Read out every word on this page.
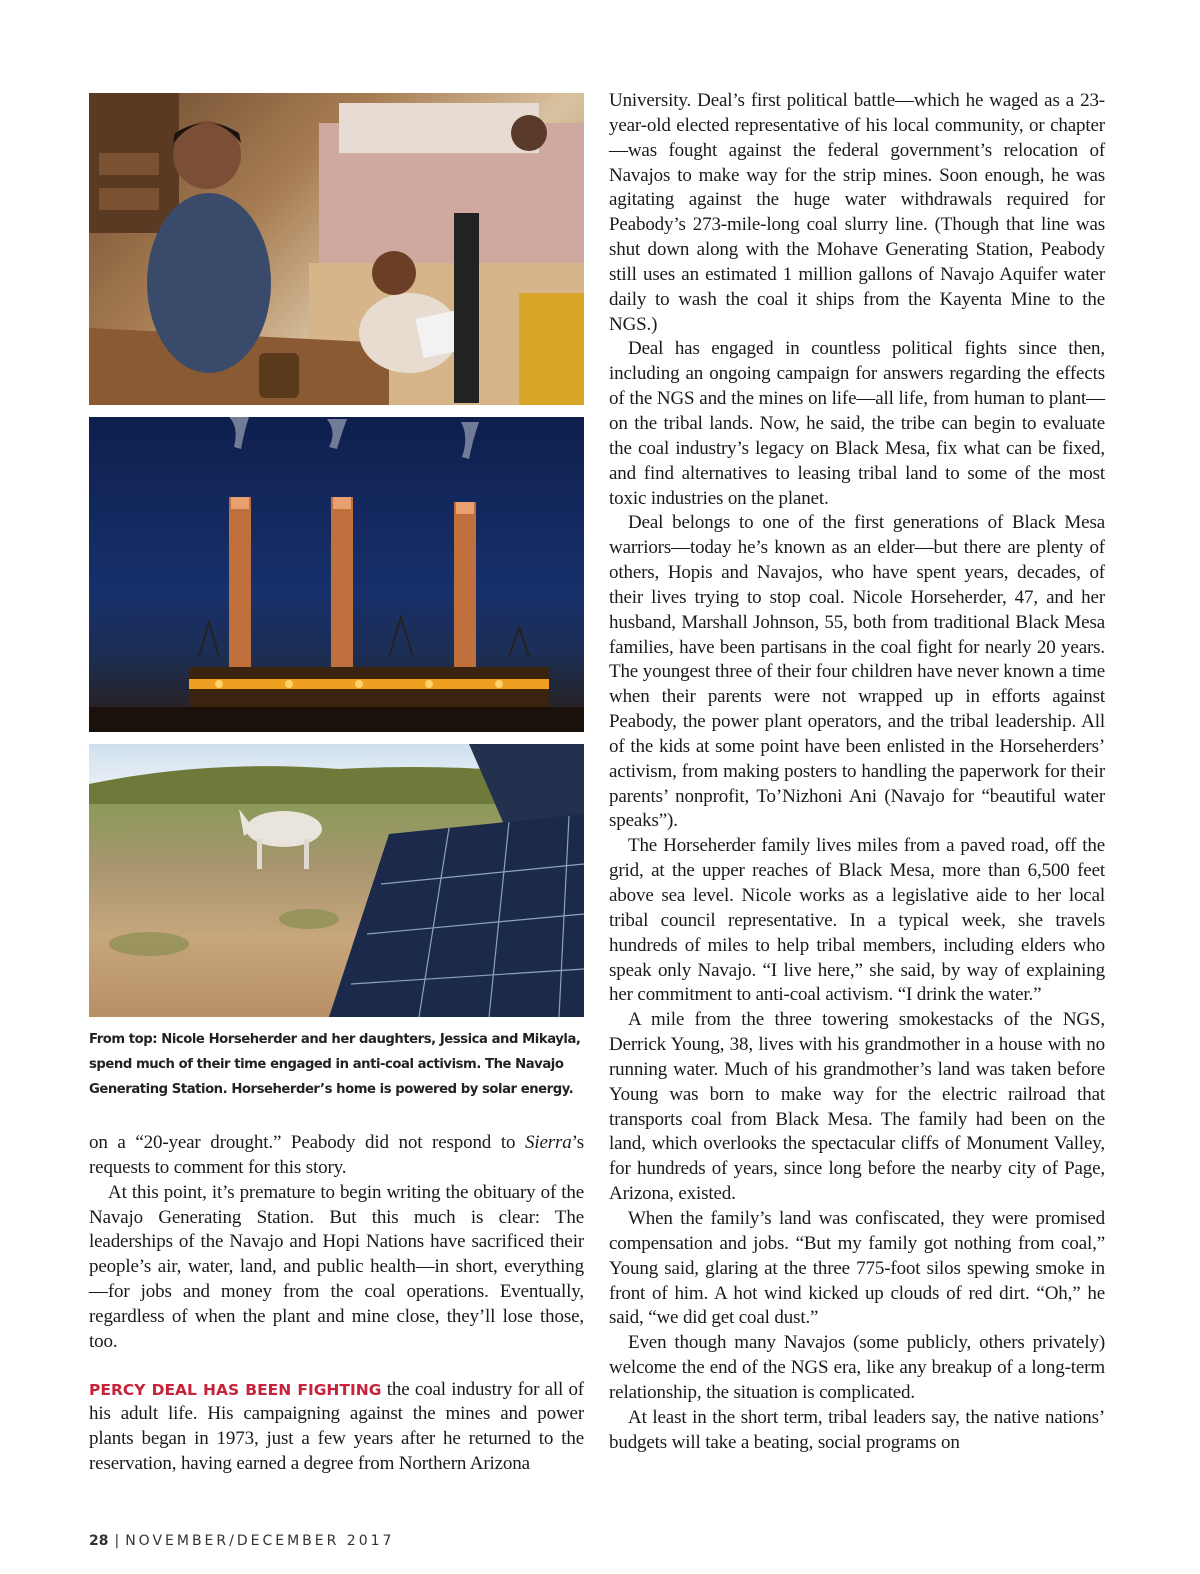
From top: Nicole Horseherder and her daughters, Jessica and Mikayla, spend much of their time engaged in anti-coal activism. The Navajo Generating Station. Horseherder’s home is powered by solar energy.

on a “20-year drought.” Peabody did not respond to Sierra’s requests to comment for this story.

At this point, it’s premature to begin writing the obituary of the Navajo Generating Station. But this much is clear: The leaderships of the Navajo and Hopi Nations have sacrificed their people’s air, water, land, and public health—in short, everything—for jobs and money from the coal operations. Eventually, regardless of when the plant and mine close, they’ll lose those, too.

PERCY DEAL HAS BEEN FIGHTING the coal industry for all of his adult life. His campaigning against the mines and power plants began in 1973, just a few years after he returned to the reservation, having earned a degree from Northern Arizona

University. Deal’s first political battle—which he waged as a 23-year-old elected representative of his local community, or chapter—was fought against the federal government’s relocation of Navajos to make way for the strip mines. Soon enough, he was agitating against the huge water withdrawals required for Peabody’s 273-mile-long coal slurry line. (Though that line was shut down along with the Mohave Generating Station, Peabody still uses an estimated 1 million gallons of Navajo Aquifer water daily to wash the coal it ships from the Kayenta Mine to the NGS.)

Deal has engaged in countless political fights since then, including an ongoing campaign for answers regarding the effects of the NGS and the mines on life—all life, from human to plant—on the tribal lands. Now, he said, the tribe can begin to evaluate the coal industry’s legacy on Black Mesa, fix what can be fixed, and find alternatives to leasing tribal land to some of the most toxic industries on the planet.

Deal belongs to one of the first generations of Black Mesa warriors—today he’s known as an elder—but there are plenty of others, Hopis and Navajos, who have spent years, decades, of their lives trying to stop coal. Nicole Horseherder, 47, and her husband, Marshall Johnson, 55, both from traditional Black Mesa families, have been partisans in the coal fight for nearly 20 years. The youngest three of their four children have never known a time when their parents were not wrapped up in efforts against Peabody, the power plant operators, and the tribal leadership. All of the kids at some point have been enlisted in the Horseherders’ activism, from making posters to handling the paperwork for their parents’ nonprofit, To’Nizhoni Ani (Navajo for “beautiful water speaks”).

The Horseherder family lives miles from a paved road, off the grid, at the upper reaches of Black Mesa, more than 6,500 feet above sea level. Nicole works as a legislative aide to her local tribal council representative. In a typical week, she travels hundreds of miles to help tribal members, including elders who speak only Navajo. “I live here,” she said, by way of explaining her commitment to anti-coal activism. “I drink the water.”

A mile from the three towering smokestacks of the NGS, Derrick Young, 38, lives with his grandmother in a house with no running water. Much of his grandmother’s land was taken before Young was born to make way for the electric railroad that transports coal from Black Mesa. The family had been on the land, which overlooks the spectacular cliffs of Monument Valley, for hundreds of years, since long before the nearby city of Page, Arizona, existed.

When the family’s land was confiscated, they were promised compensation and jobs. “But my family got nothing from coal,” Young said, glaring at the three 775-foot silos spewing smoke in front of him. A hot wind kicked up clouds of red dirt. “Oh,” he said, “we did get coal dust.”

Even though many Navajos (some publicly, others privately) welcome the end of the NGS era, like any breakup of a long-term relationship, the situation is complicated.

At least in the short term, tribal leaders say, the native nations’ budgets will take a beating, social programs on

28 | NOVEMBER/DECEMBER 2017
